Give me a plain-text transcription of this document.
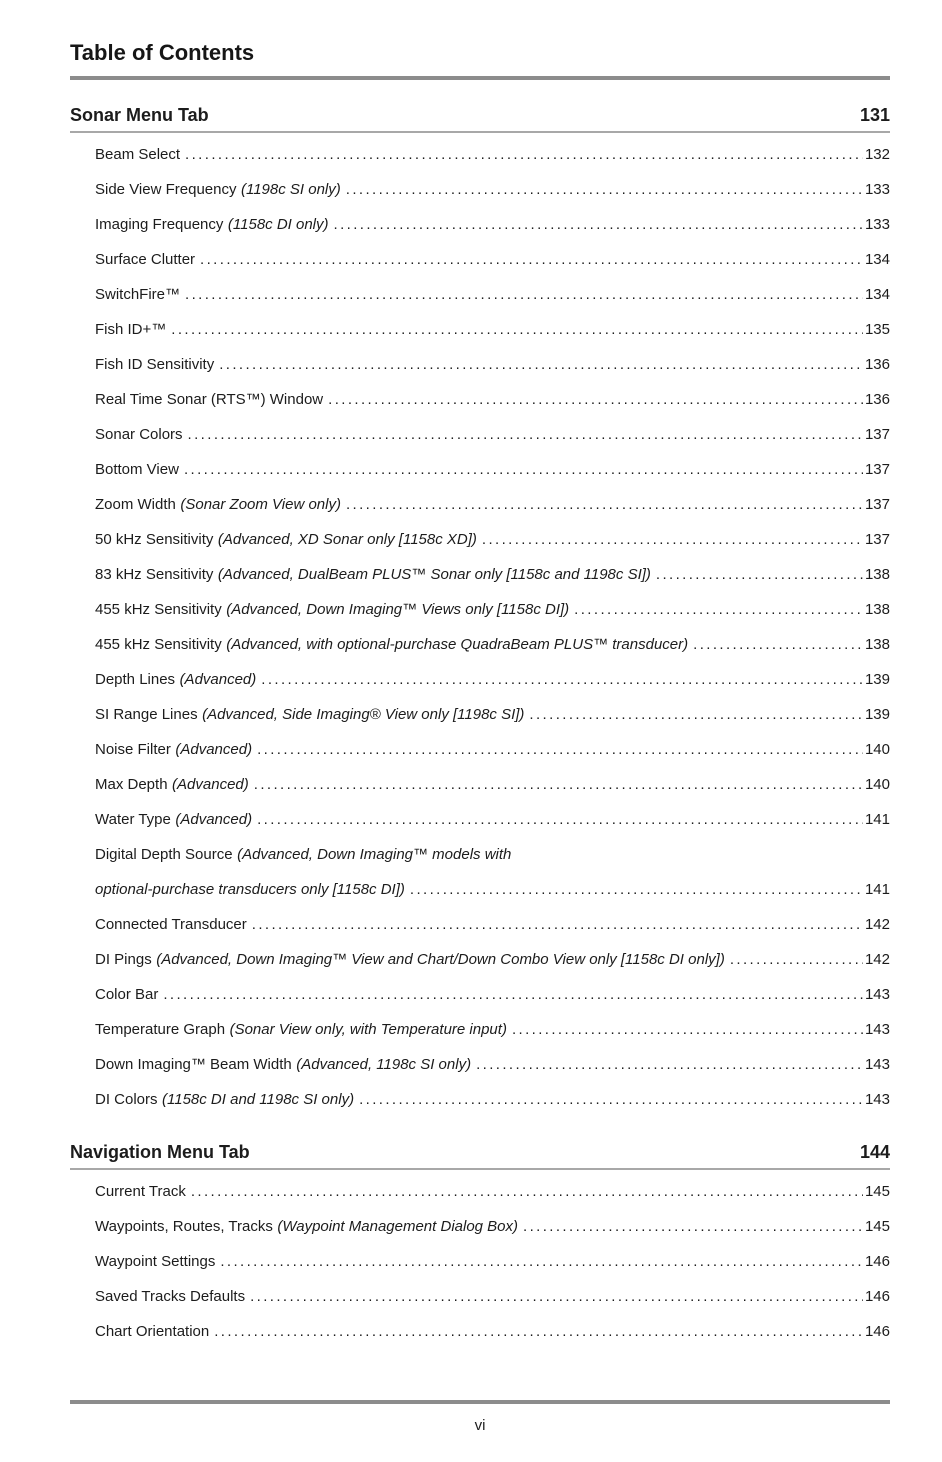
Table of Contents
Sonar Menu Tab	131
Beam Select .....	132
Side View Frequency (1198c SI only) .....	133
Imaging Frequency (1158c DI only) .....	133
Surface Clutter .....	134
SwitchFire™ .....	134
Fish ID+™ .....	135
Fish ID Sensitivity .....	136
Real Time Sonar (RTS™) Window .....	136
Sonar Colors .....	137
Bottom View .....	137
Zoom Width (Sonar Zoom View only) .....	137
50 kHz Sensitivity (Advanced, XD Sonar only [1158c XD]) .....	137
83 kHz Sensitivity (Advanced, DualBeam PLUS™ Sonar only [1158c and 1198c SI]) .....	138
455 kHz Sensitivity (Advanced, Down Imaging™ Views only [1158c DI]) .....	138
455 kHz Sensitivity (Advanced, with optional-purchase QuadraBeam PLUS™ transducer) .....	138
Depth Lines (Advanced) .....	139
SI Range Lines (Advanced, Side Imaging® View only [1198c SI]) .....	139
Noise Filter (Advanced) .....	140
Max Depth (Advanced) .....	140
Water Type (Advanced) .....	141
Digital Depth Source (Advanced, Down Imaging™ models with
optional-purchase transducers only [1158c DI]) .....	141
Connected Transducer .....	142
DI Pings (Advanced, Down Imaging™ View and Chart/Down Combo View only [1158c DI only]) .....	142
Color Bar .....	143
Temperature Graph (Sonar View only, with Temperature input) .....	143
Down Imaging™ Beam Width (Advanced, 1198c SI only) .....	143
DI Colors (1158c DI and 1198c SI only) .....	143
Navigation Menu Tab	144
Current Track .....	145
Waypoints, Routes, Tracks (Waypoint Management Dialog Box) .....	145
Waypoint Settings .....	146
Saved Tracks Defaults .....	146
Chart Orientation .....	146
vi
